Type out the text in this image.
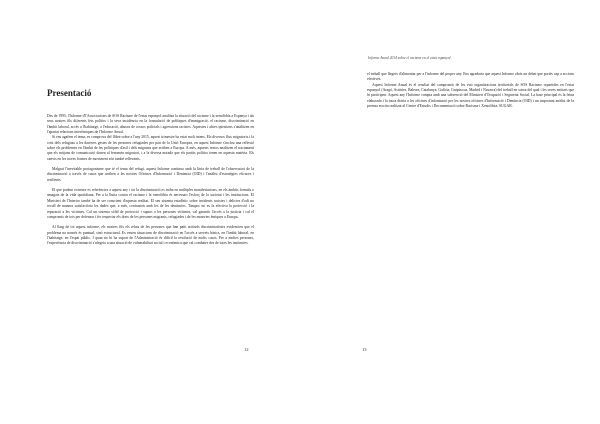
Informe Anual 2014 sobre el racisme en el estat espanyol
Presentació

Des de 1995, l'Informe d'l'Associacions de SOS Racisme de l'estat espanyol analitza la situació del racisme i la xenofòbia a Espanya i als seus nostres fils diferents fets polítics i la seva incidència en la formulació de polítiques d'immigració, el racisme, discriminació en l'àmbit laboral, accés a l'habitatge, a l'educació, abusos de cossos policials i agressions racistes. Aquestes i altres qüestions s'analitzen en l'apartat relacions interètniques de l'Informe Anual.

Si ens agafem el tema, es comprova del llibre sobre a l'any 2015, aquest trimestre ha estat molt intens. Els diversos flux migratoris i la crisi dels refugiats a les darreres gestes de les persones refugiades per part de la Unió Europea, en aquest Informe s'inclou una reflexió sobre els problemes en l'àmbit de les polítiques d'asil i dels migrants que arriben a Europa. A més, aquests textos analitzen el tractament que els mitjans de comunicació donen al fenomen migratori, i a la diversa mirada que els partits polítics tenen en aquesta matèria. Els canvis en les noves formes de moviment són també rellevants.

Malgrat l'inevitable protagonisme que té el tema del refugi, aquest Informe continua amb la línia de treball de l'observatori de la discriminació a través de casos que arriben a les nostres Oficines d'Informació i Denúncia (OID) i l'anàlisi d'estratègies eficaces i resilients.

El que podem extreure es referències a aquest any i tot la discriminació es troba en múltiples manifestacions, en els àmbits formals o amagats de la vida quotidiana. Per a la lluita contra el racisme i la xenofòbia és necessari l'esforç de la societat i les institucions. El Ministeri de l'Interior també ha de ser conscient d'aquesta realitat. El seu sistema estadístic sobre incidents racistes i delictes d'odi no recull de manera satisfactòria les dades que, a més, contrasten amb les de les denúncies. Tampoc no es fa efectiva la protecció i la reparació a les víctimes. Cal un sistema sòlid de protecció i suport a les persones víctimes, cal garantir l'accés a la justícia i cal el compromís de tots per defensar i fer respectar els drets de les persones migrants, refugiades i de les minories ètniques a Europa.

Al llarg de tot aquest informe, els nostres fils els relats de les persones que han patit actituds discriminatòries evidencien que el problema no només és puntual, sinó estructural. Es veuen situacions de discriminació en l'accés a serveis bàsics, en l'àmbit laboral, en l'habitatge, en l'espai públic. I quan no hi ha suport de l'Administració és difícil la resolució de molts casos. Per a moltes persones, l'experiència de discriminació s'afegeix a una situació de vulnerabilitat social i econòmica que cal combatre des de totes les instàncies.

el treball que llegeix d'alimentar per a l'informe del proper any. Ens agradaria que aquest Informe obrís un debat que portés cap a accions efectives.

Aquest Informe Anual és el resultat del compromís de les vuit organitzacions territorials de SOS Racisme repartides en l'estat espanyol (Aragó, Astúries, Balears, Catalunya, Galícia, Guipúscoa, Madrid i Navarra) del treball en xarxa del qual i les seves entitats que hi participen. Aquest any l'Informe compta amb una subvenció del Ministeri d'Ocupació i Seguretat Social. La base principal és la feina elaborada i la tasca diària a les oficines d'informació per les nostres oficines d'Informació i Denúncia (OID) i un important anàlisi de la premsa escrita realitzat al Centre d'Estudis i Documentació sobre Racisme i Xenofòbia, SUGAR.

12	13
